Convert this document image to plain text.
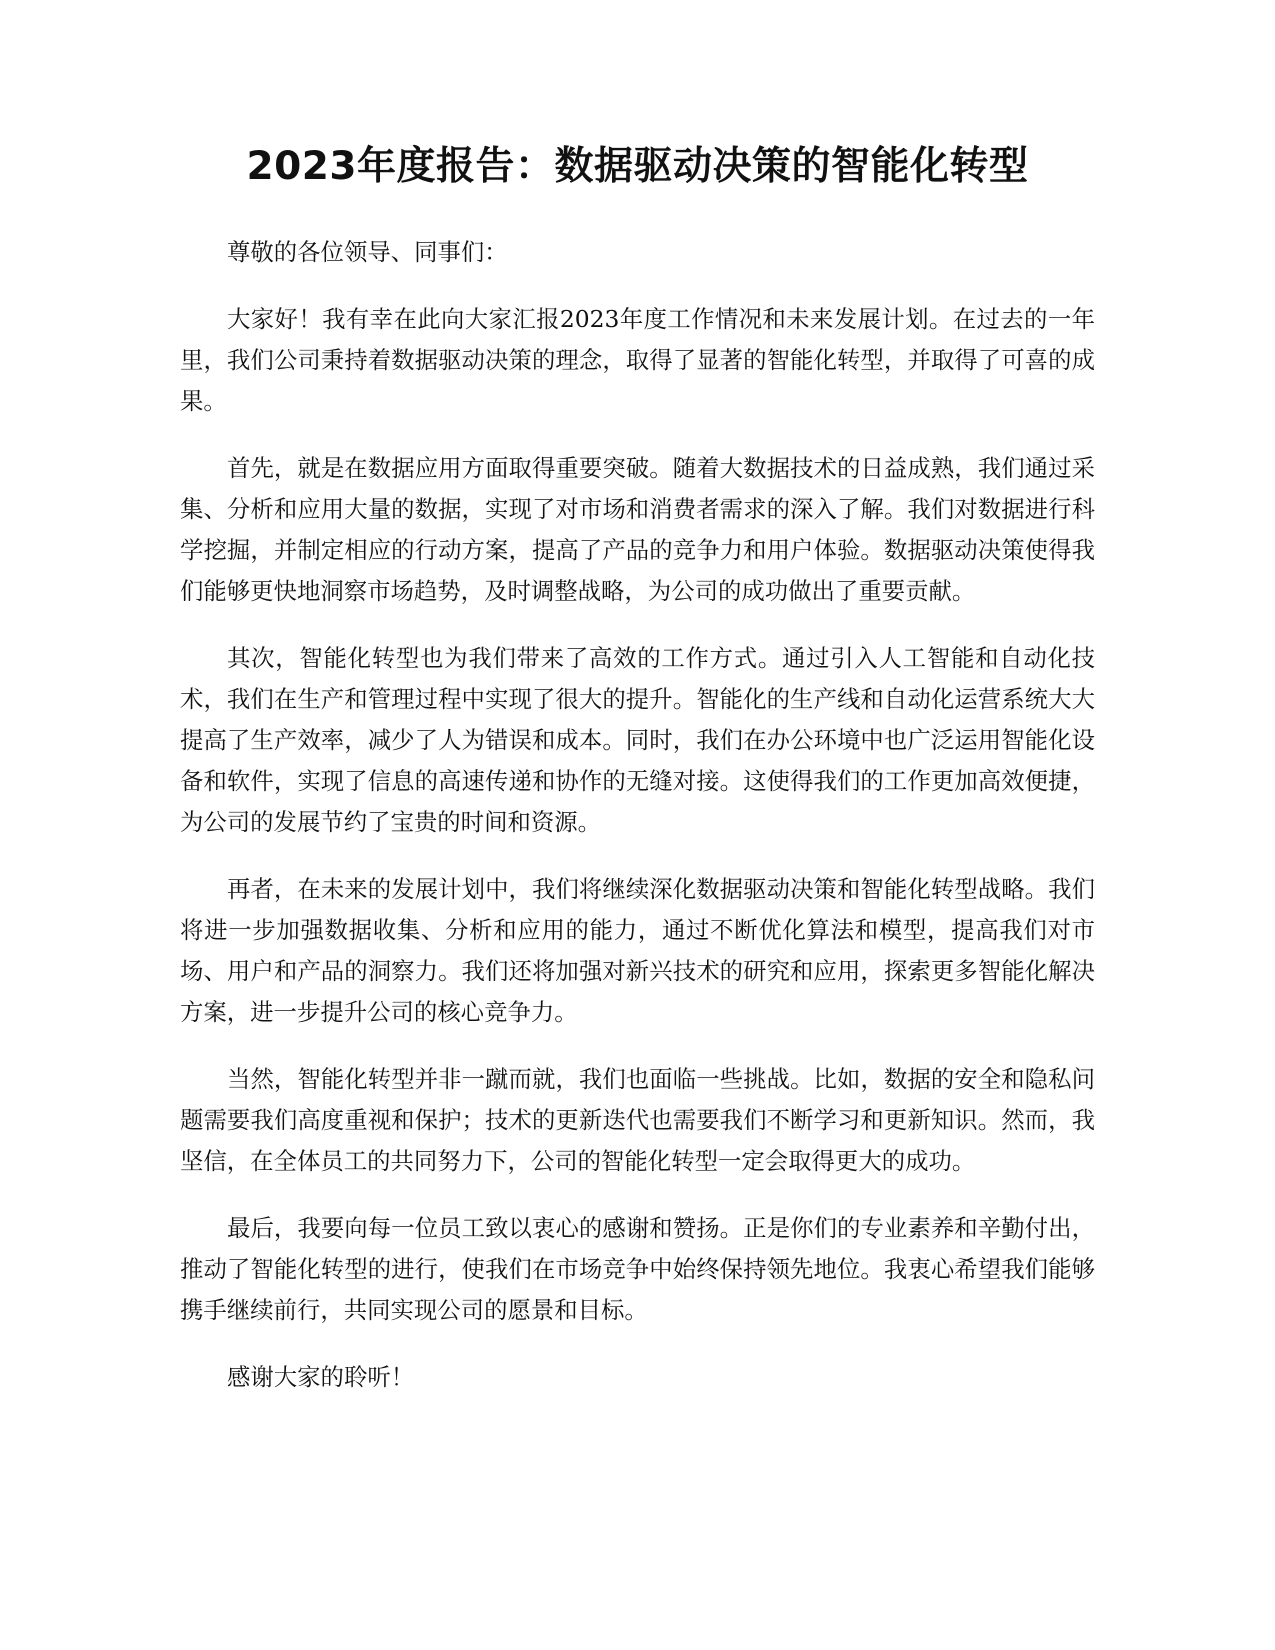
2023年度报告：数据驱动决策的智能化转型

尊敬的各位领导、同事们：

大家好！我有幸在此向大家汇报2023年度工作情况和未来发展计划。在过去的一年里，我们公司秉持着数据驱动决策的理念，取得了显著的智能化转型，并取得了可喜的成果。

首先，就是在数据应用方面取得重要突破。随着大数据技术的日益成熟，我们通过采集、分析和应用大量的数据，实现了对市场和消费者需求的深入了解。我们对数据进行科学挖掘，并制定相应的行动方案，提高了产品的竞争力和用户体验。数据驱动决策使得我们能够更快地洞察市场趋势，及时调整战略，为公司的成功做出了重要贡献。

其次，智能化转型也为我们带来了高效的工作方式。通过引入人工智能和自动化技术，我们在生产和管理过程中实现了很大的提升。智能化的生产线和自动化运营系统大大提高了生产效率，减少了人为错误和成本。同时，我们在办公环境中也广泛运用智能化设备和软件，实现了信息的高速传递和协作的无缝对接。这使得我们的工作更加高效便捷，为公司的发展节约了宝贵的时间和资源。

再者，在未来的发展计划中，我们将继续深化数据驱动决策和智能化转型战略。我们将进一步加强数据收集、分析和应用的能力，通过不断优化算法和模型，提高我们对市场、用户和产品的洞察力。我们还将加强对新兴技术的研究和应用，探索更多智能化解决方案，进一步提升公司的核心竞争力。

当然，智能化转型并非一蹴而就，我们也面临一些挑战。比如，数据的安全和隐私问题需要我们高度重视和保护；技术的更新迭代也需要我们不断学习和更新知识。然而，我坚信，在全体员工的共同努力下，公司的智能化转型一定会取得更大的成功。

最后，我要向每一位员工致以衷心的感谢和赞扬。正是你们的专业素养和辛勤付出，推动了智能化转型的进行，使我们在市场竞争中始终保持领先地位。我衷心希望我们能够携手继续前行，共同实现公司的愿景和目标。

感谢大家的聆听！
